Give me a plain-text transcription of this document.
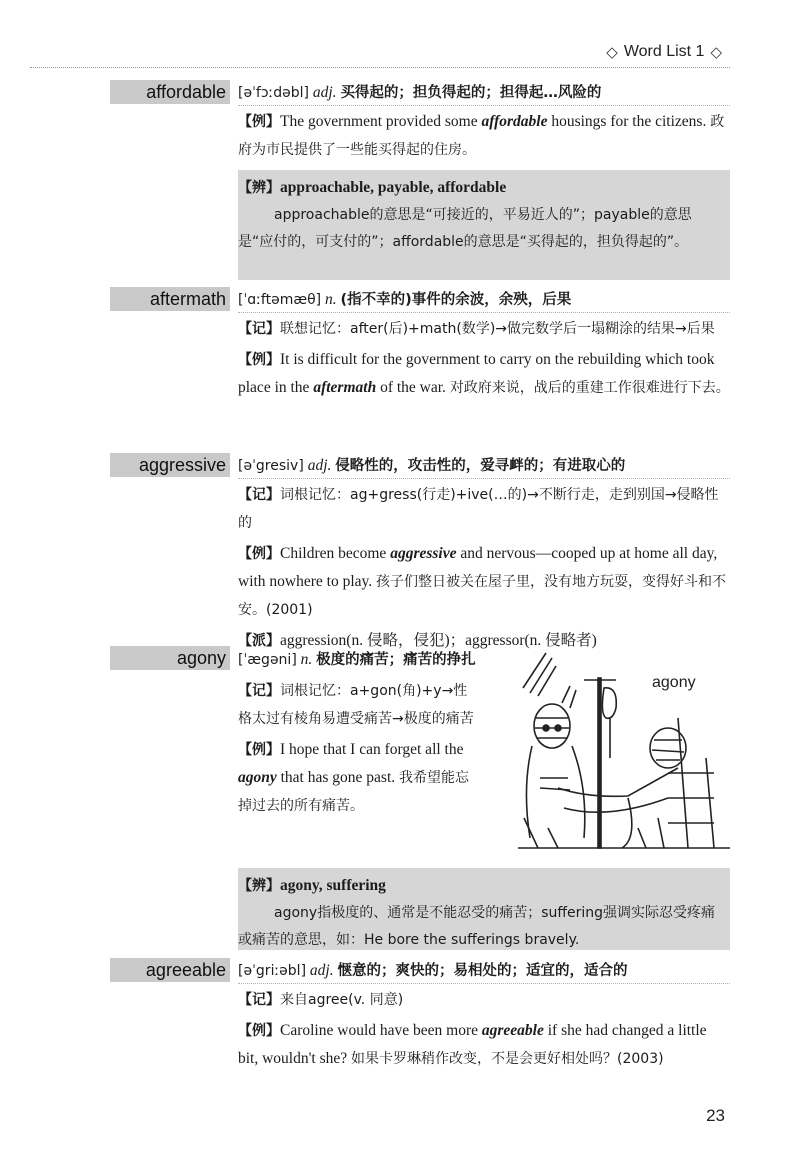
◇ Word List 1 ◇
affordable [əˈfɔːdəbl] adj. 买得起的；担负得起的；担得起…风险的

【例】The government provided some affordable housings for the citizens. 政府为市民提供了一些能买得起的住房。

【辨】approachable, payable, affordable

approachable的意思是“可接近的，平易近人的”；payable的意思是“应付的，可支付的”；affordable的意思是“买得起的，担负得起的”。

aftermath [ˈɑːftəmæθ] n. (指不幸的)事件的余波，余殃，后果

【记】联想记忆：after(后)+math(数学)→做完数学后一塌糊涂的结果→后果

【例】It is difficult for the government to carry on the rebuilding which took place in the aftermath of the war. 对政府来说，战后的重建工作很难进行下去。

aggressive [əˈgresiv] adj. 侵略性的，攻击性的，爱寻衅的；有进取心的

【记】词根记忆：ag+gress(行走)+ive(…的)→不断行走，走到别国→侵略性的

【例】Children become aggressive and nervous—cooped up at home all day, with nowhere to play. 孩子们整日被关在屋子里，没有地方玩耍，变得好斗和不安。(2001)

【派】aggression(n. 侵略，侵犯)；aggressor(n. 侵略者)

agony [ˈægəni] n. 极度的痛苦；痛苦的挣扎

【记】词根记忆：a+gon(角)+y→性格太过有棱角易遭受痛苦→极度的痛苦

【例】I hope that I can forget all the agony that has gone past. 我希望能忘掉过去的所有痛苦。

【辨】agony, suffering

agony指极度的、通常是不能忍受的痛苦；suffering强调实际忍受疼痛或痛苦的意思，如：He bore the sufferings bravely.

agony
agreeable [əˈgriːəbl] adj. 惬意的；爽快的；易相处的；适宜的，适合的

【记】来自agree(v. 同意)

【例】Caroline would have been more agreeable if she had changed a little bit, wouldn't she? 如果卡罗琳稍作改变，不是会更好相处吗？(2003)

23
